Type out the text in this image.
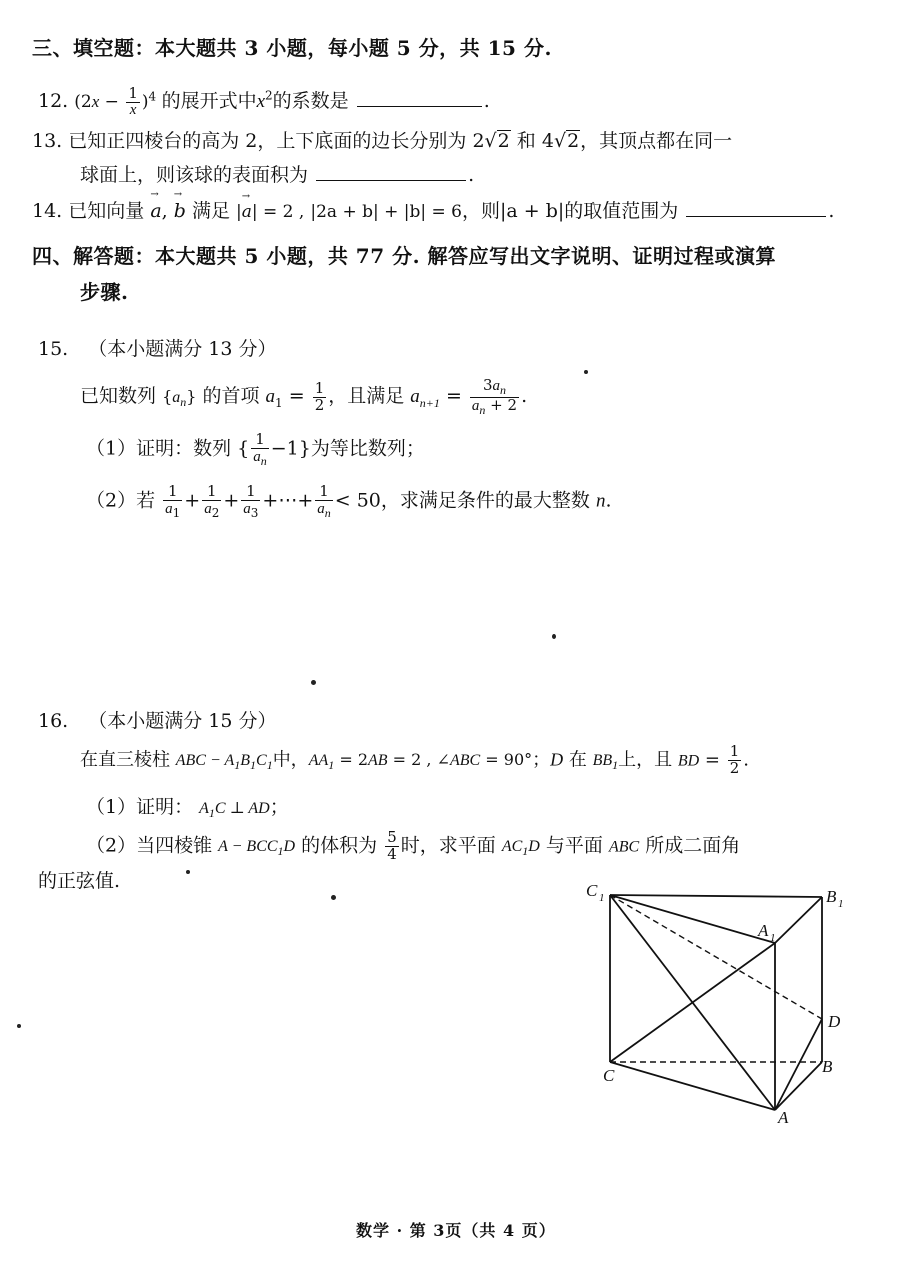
三、填空题：本大题共 3 小题，每小题 5 分，共 15 分.
12. $(2x - \frac{1}{x} )^4$ 的展开式中$x^2$的系数是	.
13. 已知正四棱台的高为 2，上下底面的边长分别为 2√2 和 4√2，其顶点都在同一
球面上，则该球的表面积为	.
14. 已知向量 → a, → b 满足 |→ a| = 2 , |2a + b| + |b| = 6，则|a + b|的取值范围为	.
四、解答题：本大题共 5 小题，共 77 分. 解答应写出文字说明、证明过程或演算
步骤.
15. （本小题满分 13 分）
已知数列 $\{a_n\}$ 的首项 $a_1 = \frac{1}{2}$ ，且满足 $a_{n+1} = \frac{3a_n}{a_n + 2}$ .
（1）证明：数列 { $\frac{1}{a_n} -1$}为等比数列；
（2）若 $\frac{1}{a_1} + \frac{1}{a_2} + \frac{1}{a_3}$ +⋯+ $\frac{1}{a_n} < 50$，求满足条件的最大整数 n.
16. （本小题满分 15 分）
在直三棱柱 ABC − $A_1B_1C_1$中，$AA_1 = 2AB = 2$ , ∠ABC = 90°；D 在 $BB_1$上，且 BD = $\frac{1}{2}$ .
（1）证明： $A_1C$ ⊥ AD；
（2）当四棱锥 $A - BCC_1D$ 的体积为 $\frac{5}{4}$ 时，求平面 $AC_1D$ 与平面 ABC 所成二面角
的正弦值.	C 1	B 1
A 1
D
C	B
A
数学 · 第 3页（共 4 页）
